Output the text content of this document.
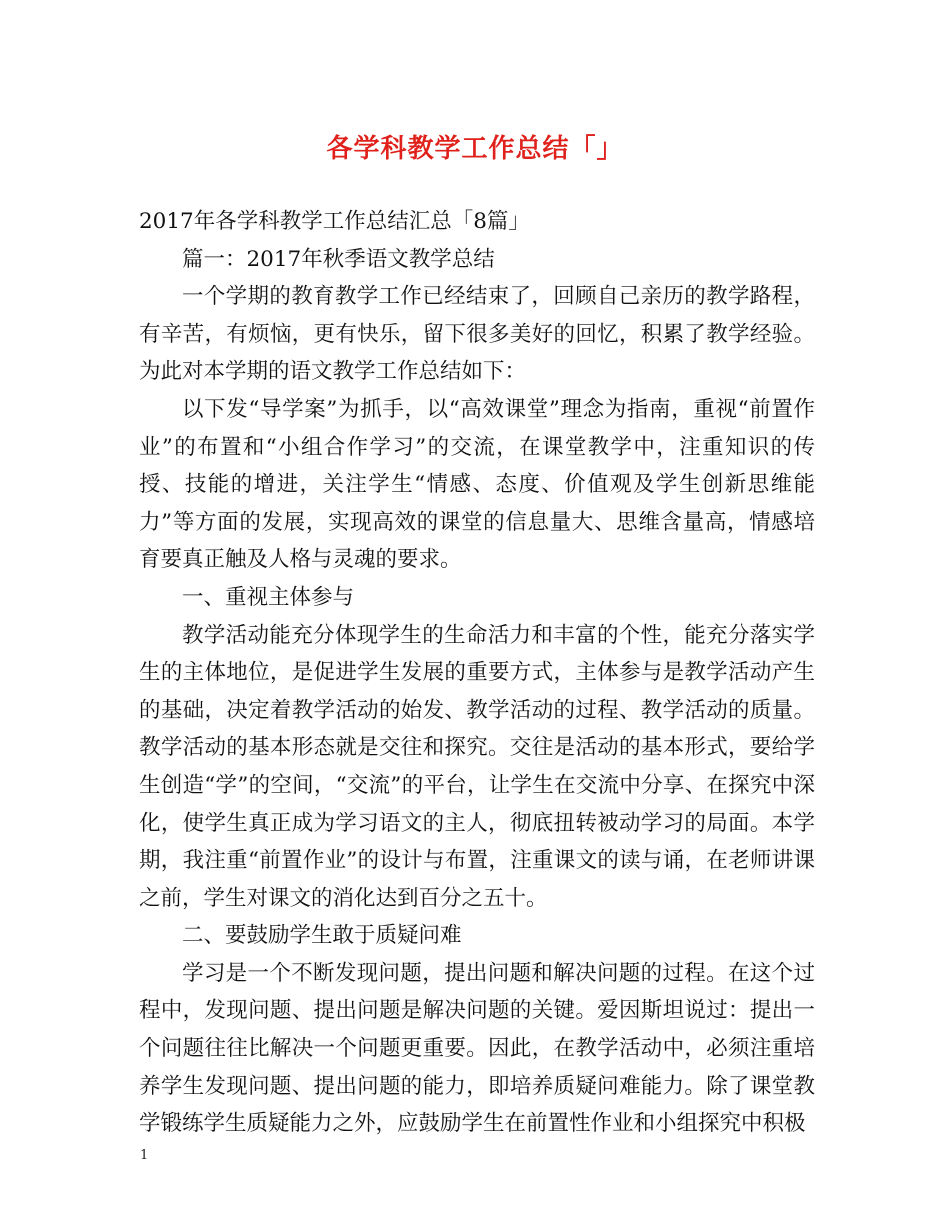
各学科教学工作总结「」

2017年各学科教学工作总结汇总「8篇」

篇一：2017年秋季语文教学总结

一个学期的教育教学工作已经结束了，回顾自己亲历的教学路程，有辛苦，有烦恼，更有快乐，留下很多美好的回忆，积累了教学经验。为此对本学期的语文教学工作总结如下：

以下发“导学案”为抓手，以“高效课堂”理念为指南，重视“前置作业”的布置和“小组合作学习”的交流，在课堂教学中，注重知识的传授、技能的增进，关注学生“情感、态度、价值观及学生创新思维能力”等方面的发展，实现高效的课堂的信息量大、思维含量高，情感培育要真正触及人格与灵魂的要求。

一、重视主体参与

教学活动能充分体现学生的生命活力和丰富的个性，能充分落实学生的主体地位，是促进学生发展的重要方式，主体参与是教学活动产生的基础，决定着教学活动的始发、教学活动的过程、教学活动的质量。教学活动的基本形态就是交往和探究。交往是活动的基本形式，要给学生创造“学”的空间，“交流”的平台，让学生在交流中分享、在探究中深化，使学生真正成为学习语文的主人，彻底扭转被动学习的局面。本学期，我注重“前置作业”的设计与布置，注重课文的读与诵，在老师讲课之前，学生对课文的消化达到百分之五十。

二、要鼓励学生敢于质疑问难

学习是一个不断发现问题，提出问题和解决问题的过程。在这个过程中，发现问题、提出问题是解决问题的关键。爱因斯坦说过：提出一个问题往往比解决一个问题更重要。因此，在教学活动中，必须注重培养学生发现问题、提出问题的能力，即培养质疑问难能力。除了课堂教学锻练学生质疑能力之外，应鼓励学生在前置性作业和小组探究中积极

1
